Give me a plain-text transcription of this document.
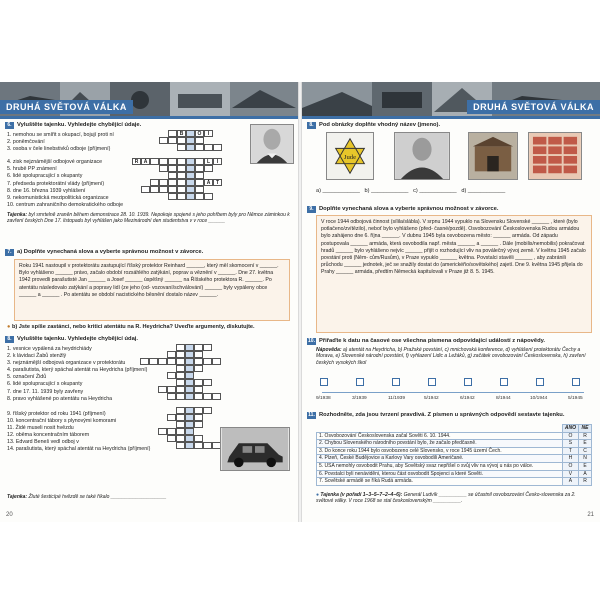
DRUHÁ SVĚTOVÁ VÁLKA
6. Vyluštěte tajenku. Vyhledejte chybějící údaje.
1. nemohou se smířit s okupací, bojují proti ní
2. poněmčování
3. osoba v čele linebstivků odboje (příjmení)
4. zisk nejznámější odbojové organizace
5. hrubě PP známení
6. lidé spolupracující s okupanty
7. předseda protektorátní vlády (příjmení)
8. dne 16. března 1939 vyhlášení
9. nekomunistická mezipolitická organizace
10. centrum zahraničního demokratického odboje
B	O	I
R	A	L	I
Á	T
Tajenka: byl smrtelně zraněn během demonstrace 28. 10. 1939. Nepokoje spojené s jeho pohřbem byly pro Němce záminkou k zavření českých Dne 17. listopadu byl vyhlášen jako Mezinárodní den studentstva v v roce ______
7. a) Doplňte vynechaná slova a vyberte správnou možnost v závorce.
Roku 1941 nastoupil v protektorátu zastupující říšský protektor Reinhard ______, který měl skomocení v ______. Bylo vyhlášeno ______ právo, začalo období rozsáhlého zatýkání, poprav a věznění v ______. Dne 27. května 1942 provedli parašutisté Jan ______ a Josef ______ úspěšný ______ na Říšského protektora R. ______. Po atentátu následovalo zatýkání a popravy lidí (ze jeho (od- vozovaní/schválování) ______ byly vypáleny obce ______ a ______ . Po atentátu se období nacistického běsnění dostalo název ______.
● b) Jste spíše zastánci, nebo kritici atentátu na R. Heydricha? Uveďte argumenty, diskutujte.
8. Vyluštěte tajenku. Vyhledejte chybějící údaj.
1. vesnice vypálená za heydrichiády
2. k lávidaci Žabů stenžlý
3. nejznámější odbojová organizace v protektorátu
4. parašutista, který spáchal atentát na Heydricha (příjmení)
5. označení Židů
6. lidé spolupracující s okupanty
7. dne 17. 11. 1939 byly zavřeny
8. pravo vyhlášené po atentátu na Heydricha
9. říšský protektor od roku 1941 (příjmení)
10. koncentrační tábory s plynovými komorami
11. Židé museli nosit hvězdu
12. oběma koncentračním táborem
13. Edvard Beneš vedl odboj v
14. parašutista, který spáchal atentát na Heydricha (příjmení)
Tajenka: Žluté šesticípé hvězdě se také říkalo ____________________
20
DRUHÁ SVĚTOVÁ VÁLKA
8. Pod obrázky doplňte vhodný název (jmeno).
Jude
a) ____________   b) ____________   c) ____________   d) ____________
9. Doplňte vynechaná slova a vyberte správnou možnost v závorce.
V roce 1944 odbojová činnost (sílila/slábla). V srpnu 1944 vypuklo na Slovensku Slovenské ______ , které (bylo potlačeno/zvítězilo), neboť bylo vyhlášeno (před- časné/pozdě). Osvobozování Československa Rudou armádou bylo zahájeno dne 6. října ______. V dubnu 1945 byla osvobozena město: ______ armáda. Od západu postupovala ______ armáda, která osvobodila např. města ______ a ______ . Dále (mobilis/nemobilis) pokračovat hradů ______ bylo vyhlášeno nejvíc ______ přijít o rozhodující vliv na poválečný vývoj země. V květnu 1945 začalo povstání proti (Něm- cům/Rusům), v Praze vypuklo ______ května. Povstalci stavěli ______ , aby zabránili průchodu ______ jednotek, ječ se snažily dostat do (americkéño/sovětského) zajetí. Dne 9. května 1945 přijela do Prahy ______ armáda, předtím Německá kapitulovali v Praze již 8. 5. 1945.
10. Přiřaďte k datu na časové ose všechna písmena odpovídající událostí z nápovědy.
Nápověda: a) atentát na Heydricha, b) Pražské povstání, c) mnichovská konference, d) vyhlášení protektorátu Čechy a Morava, e) Slovenské národní povstání, f) vyhlazení Lidic a Ležáků, g) začátek osvobozování Československa, h) zavření českých vysokých škol
9/1938	3/1939	11/1939	5/1942	6/1942	8/1944	10/1944	5/1945
11. Rozhodněte, zda jsou tvrzení pravdivá. Z písmen u správných odpovědí sestavte tajenku.
	ANO	NE
1. Osvobozování Československa začal Sověti 6. 10. 1944.	O	R
2. Chybou Slovenského národního povstání bylo, že začalo předčasně.	S	E
3. Do konce roku 1944 bylo osvobozeno celé Slovensko, v roce 1945 území Čech.	T	C
4. Plzeň, České Budějovice a Karlovy Vary osvobodili Američané.	H	N
5. USA nemohly osvobodit Prahu, aby Sovětský svaz nepřišel o svůj vliv na vývoj u nás po válce.	O	E
6. Povstalci byli nenáviděni, kterou část osvobodit Spojenci a které Sověti.	V	A
7. Sovětské armádě se říká Rudá armáda.	A	R
● Tajenka (v pořadí 1–3–5–7–2–4–6): Generál Ludvík __________ se účastnil osvobozování Česko-slovenska za 2. světové války. V roce 1968 se stal československým __________.
21
